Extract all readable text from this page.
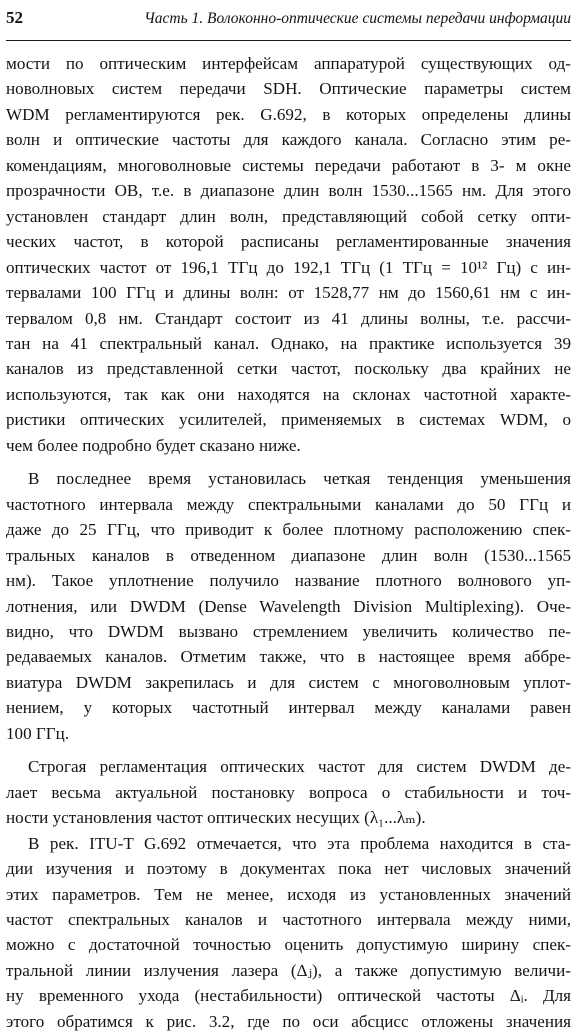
52	Часть 1. Волоконно-оптические системы передачи информации

мости по оптическим интерфейсам аппаратурой существующих од-
новолновых систем передачи SDH. Оптические параметры систем
WDM регламентируются рек. G.692, в которых определены длины
волн и оптические частоты для каждого канала. Согласно этим ре-
комендациям, многоволновые системы передачи работают в 3- м окне
прозрачности ОВ, т.е. в диапазоне длин волн 1530...1565 нм. Для этого
установлен стандарт длин волн, представляющий собой сетку опти-
ческих частот, в которой расписаны регламентированные значения
оптических частот от 196,1 ТГц до 192,1 ТГц (1 ТГц = 10¹² Гц) с ин-
тервалами 100 ГГц и длины волн: от 1528,77 нм до 1560,61 нм с ин-
тервалом 0,8 нм. Стандарт состоит из 41 длины волны, т.е. рассчи-
тан на 41 спектральный канал. Однако, на практике используется 39
каналов из представленной сетки частот, поскольку два крайних не
используются, так как они находятся на склонах частотной характе-
ристики оптических усилителей, применяемых в системах WDM, о
чем более подробно будет сказано ниже.

В последнее время установилась четкая тенденция уменьшения
частотного интервала между спектральными каналами до 50 ГГц и
даже до 25 ГГц, что приводит к более плотному расположению спек-
тральных каналов в отведенном диапазоне длин волн (1530...1565
нм). Такое уплотнение получило название плотного волнового уп-
лотнения, или DWDM (Dense Wavelength Division Multiplexing). Оче-
видно, что DWDM вызвано стремлением увеличить количество пе-
редаваемых каналов. Отметим также, что в настоящее время аббре-
виатура DWDM закрепилась и для систем с многоволновым уплот-
нением, у которых частотный интервал между каналами равен
100 ГГц.

Строгая регламентация оптических частот для систем DWDM де-
лает весьма актуальной постановку вопроса о стабильности и точ-
ности установления частот оптических несущих (λ₁...λₘ).

В рек. ITU-T G.692 отмечается, что эта проблема находится в ста-
дии изучения и поэтому в документах пока нет числовых значений
этих параметров. Тем не менее, исходя из установленных значений
частот спектральных каналов и частотного интервала между ними,
можно с достаточной точностью оценить допустимую ширину спек-
тральной линии излучения лазера (Δⱼ), а также допустимую величи-
ну временного ухода (нестабильности) оптической частоты Δᵢ. Для
этого обратимся к рис. 3.2, где по оси абсцисс отложены значения
